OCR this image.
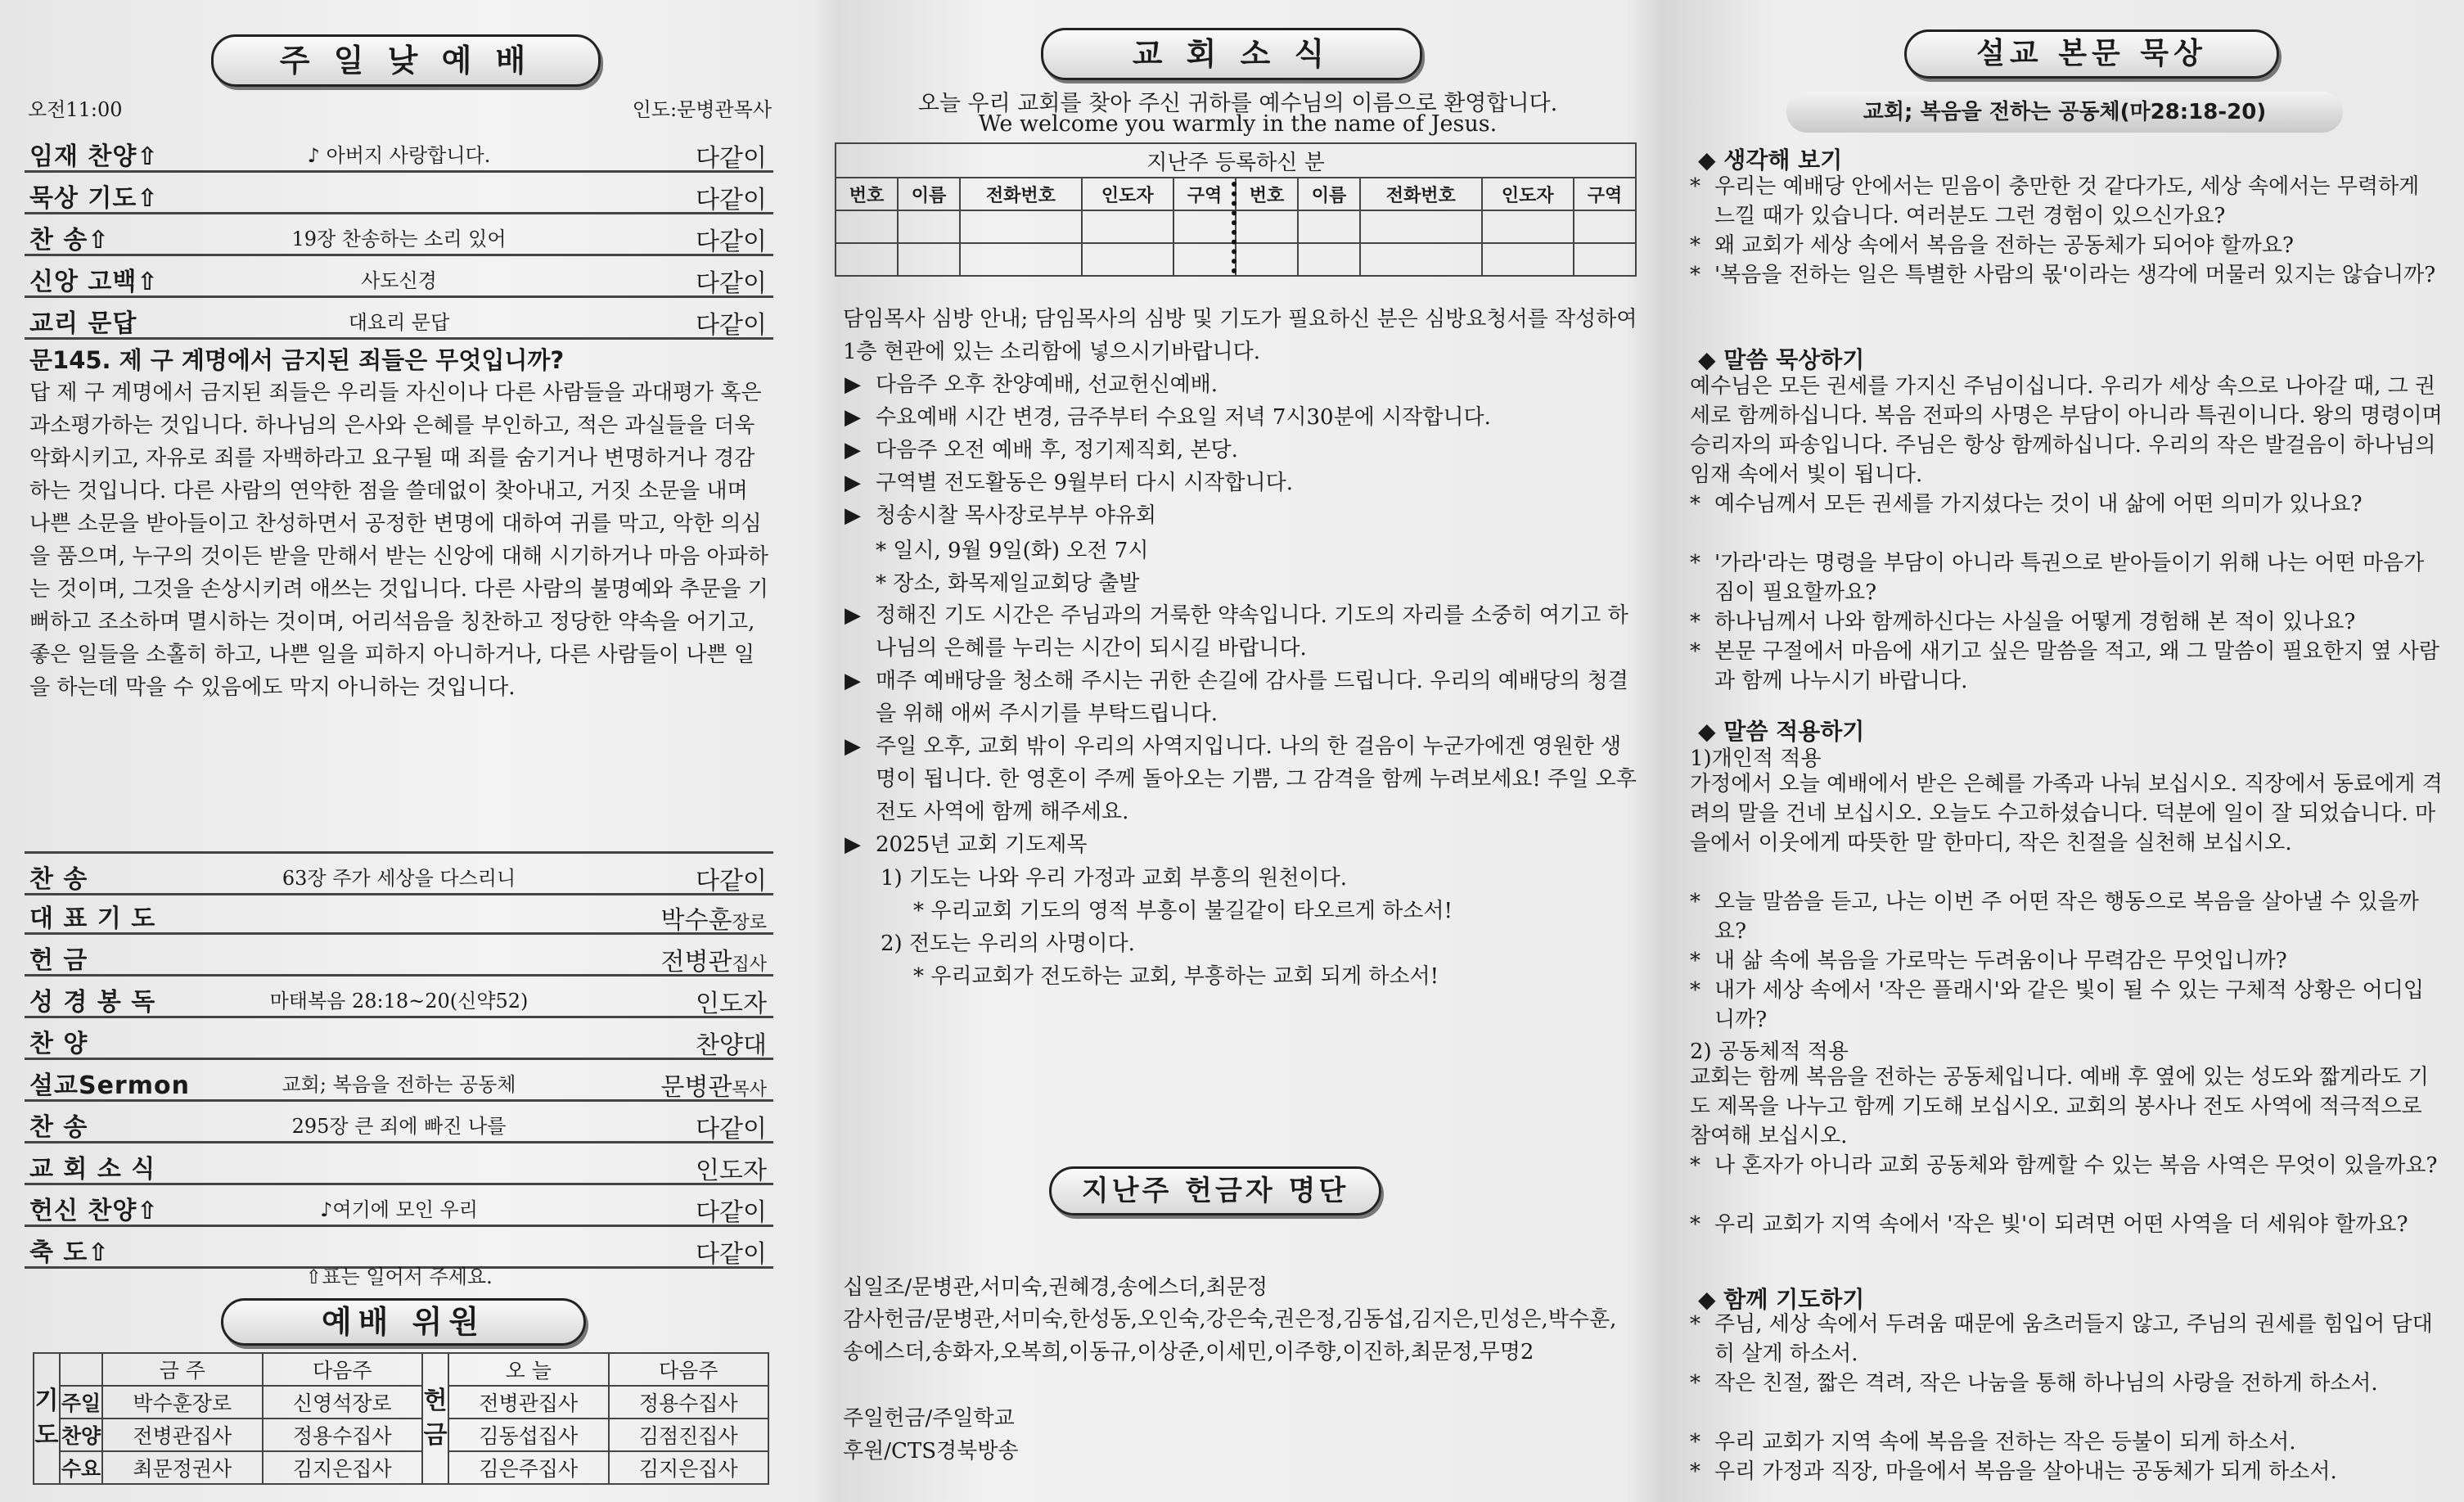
주 일 낮 예 배
오전11:00	인도:문병관목사
임재 찬양⇧	♪ 아버지 사랑합니다.	다같이
묵상 기도⇧	다같이
찬 송⇧	19장 찬송하는 소리 있어	다같이
신앙 고백⇧	사도신경	다같이
교리 문답	대요리 문답	다같이
문145. 제 구 계명에서 금지된 죄들은 무엇입니까?
답 제 구 계명에서 금지된 죄들은 우리들 자신이나 다른 사람들을 과대평가 혹은 과소평가하는 것입니다. 하나님의 은사와 은혜를 부인하고, 적은 과실들을 더욱 악화시키고, 자유로 죄를 자백하라고 요구될 때 죄를 숨기거나 변명하거나 경감하는 것입니다. 다른 사람의 연약한 점을 쓸데없이 찾아내고, 거짓 소문을 내며 나쁜 소문을 받아들이고 찬성하면서 공정한 변명에 대하여 귀를 막고, 악한 의심을 품으며, 누구의 것이든 받을 만해서 받는 신앙에 대해 시기하거나 마음 아파하는 것이며, 그것을 손상시키려 애쓰는 것입니다. 다른 사람의 불명예와 추문을 기뻐하고 조소하며 멸시하는 것이며, 어리석음을 칭찬하고 정당한 약속을 어기고, 좋은 일들을 소홀히 하고, 나쁜 일을 피하지 아니하거나, 다른 사람들이 나쁜 일을 하는데 막을 수 있음에도 막지 아니하는 것입니다.
찬 송	63장 주가 세상을 다스리니	다같이
대 표 기 도	박수훈장로
헌 금	전병관집사
성 경 봉 독	마태복음 28:18~20(신약52)	인도자
찬 양	찬양대
설교Sermon	교회; 복음을 전하는 공동체	문병관목사
찬 송	295장 큰 죄에 빠진 나를	다같이
교 회 소 식	인도자
헌신 찬양⇧	♪여기에 모인 우리	다같이
축 도⇧	다같이
⇧표는 일어서 주세요.
예배 위원
기도		금 주	다음주	헌금	오 늘	다음주
	주일	박수훈장로	신영석장로		전병관집사	정용수집사
	찬양	전병관집사	정용수집사		김동섭집사	김점진집사
	수요	최문정권사	김지은집사		김은주집사	김지은집사
교 회 소 식
오늘 우리 교회를 찾아 주신 귀하를 예수님의 이름으로 환영합니다.
We welcome you warmly in the name of Jesus.
지난주 등록하신 분									
번호	이름	전화번호	인도자	구역	번호	이름	전화번호	인도자	구역

담임목사 심방 안내; 담임목사의 심방 및 기도가 필요하신 분은 심방요청서를 작성하여 1층 현관에 있는 소리함에 넣으시기바랍니다.
▶ 다음주 오후 찬양예배, 선교헌신예배.
▶ 수요예배 시간 변경, 금주부터 수요일 저녁 7시30분에 시작합니다.
▶ 다음주 오전 예배 후, 정기제직회, 본당.
▶ 구역별 전도활동은 9월부터 다시 시작합니다.
▶ 청송시찰 목사장로부부 야유회
* 일시, 9월 9일(화) 오전 7시
* 장소, 화목제일교회당 출발
▶ 정해진 기도 시간은 주님과의 거룩한 약속입니다. 기도의 자리를 소중히 여기고 하나님의 은혜를 누리는 시간이 되시길 바랍니다.
▶ 매주 예배당을 청소해 주시는 귀한 손길에 감사를 드립니다. 우리의 예배당의 청결을 위해 애써 주시기를 부탁드립니다.
▶ 주일 오후, 교회 밖이 우리의 사역지입니다. 나의 한 걸음이 누군가에겐 영원한 생명이 됩니다. 한 영혼이 주께 돌아오는 기쁨, 그 감격을 함께 누려보세요! 주일 오후 전도 사역에 함께 해주세요.
▶ 2025년 교회 기도제목
1) 기도는 나와 우리 가정과 교회 부흥의 원천이다.
* 우리교회 기도의 영적 부흥이 불길같이 타오르게 하소서!
2) 전도는 우리의 사명이다.
* 우리교회가 전도하는 교회, 부흥하는 교회 되게 하소서!
지난주 헌금자 명단
십일조/문병관,서미숙,권혜경,송에스더,최문정
감사헌금/문병관,서미숙,한성동,오인숙,강은숙,권은정,김동섭,김지은,민성은,박수훈,송에스더,송화자,오복희,이동규,이상준,이세민,이주향,이진하,최문정,무명2
주일헌금/주일학교
후원/CTS경북방송
설교 본문 묵상
교회; 복음을 전하는 공동체(마28:18-20)
◆ 생각해 보기
* 우리는 예배당 안에서는 믿음이 충만한 것 같다가도, 세상 속에서는 무력하게 느낄 때가 있습니다. 여러분도 그런 경험이 있으신가요?
* 왜 교회가 세상 속에서 복음을 전하는 공동체가 되어야 할까요?
* '복음을 전하는 일은 특별한 사람의 몫'이라는 생각에 머물러 있지는 않습니까?
◆ 말씀 묵상하기
예수님은 모든 권세를 가지신 주님이십니다. 우리가 세상 속으로 나아갈 때, 그 권세로 함께하십니다. 복음 전파의 사명은 부담이 아니라 특권이니다. 왕의 명령이며 승리자의 파송입니다. 주님은 항상 함께하십니다. 우리의 작은 발걸음이 하나님의 임재 속에서 빛이 됩니다.
* 예수님께서 모든 권세를 가지셨다는 것이 내 삶에 어떤 의미가 있나요?
* '가라'라는 명령을 부담이 아니라 특권으로 받아들이기 위해 나는 어떤 마음가짐이 필요할까요?
* 하나님께서 나와 함께하신다는 사실을 어떻게 경험해 본 적이 있나요?
* 본문 구절에서 마음에 새기고 싶은 말씀을 적고, 왜 그 말씀이 필요한지 옆 사람과 함께 나누시기 바랍니다.
◆ 말씀 적용하기
1)개인적 적용
가정에서 오늘 예배에서 받은 은혜를 가족과 나눠 보십시오. 직장에서 동료에게 격려의 말을 건네 보십시오. 오늘도 수고하셨습니다. 덕분에 일이 잘 되었습니다. 마을에서 이웃에게 따뜻한 말 한마디, 작은 친절을 실천해 보십시오.
* 오늘 말씀을 듣고, 나는 이번 주 어떤 작은 행동으로 복음을 살아낼 수 있을까요?
* 내 삶 속에 복음을 가로막는 두려움이나 무력감은 무엇입니까?
* 내가 세상 속에서 '작은 플래시'와 같은 빛이 될 수 있는 구체적 상황은 어디입니까?
2) 공동체적 적용
교회는 함께 복음을 전하는 공동체입니다. 예배 후 옆에 있는 성도와 짧게라도 기도 제목을 나누고 함께 기도해 보십시오. 교회의 봉사나 전도 사역에 적극적으로 참여해 보십시오.
* 나 혼자가 아니라 교회 공동체와 함께할 수 있는 복음 사역은 무엇이 있을까요?
* 우리 교회가 지역 속에서 '작은 빛'이 되려면 어떤 사역을 더 세워야 할까요?
◆ 함께 기도하기
* 주님, 세상 속에서 두려움 때문에 움츠러들지 않고, 주님의 권세를 힘입어 담대히 살게 하소서.
* 작은 친절, 짧은 격려, 작은 나눔을 통해 하나님의 사랑을 전하게 하소서.
* 우리 교회가 지역 속에 복음을 전하는 작은 등불이 되게 하소서.
* 우리 가정과 직장, 마을에서 복음을 살아내는 공동체가 되게 하소서.
